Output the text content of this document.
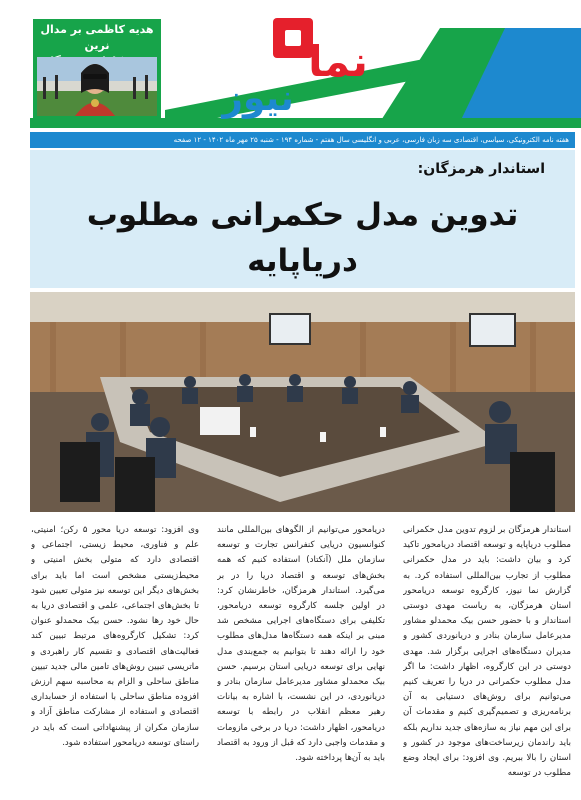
هدیه کاظمی بر مدال نرین	نما
نیوز
هفته نامه الکترونیکی، سیاسی، اقتصادی سه زبان فارسی، عربی و انگلیسی سال هفتم - شماره ۱۹۴ - شنبه ۲۵ مهر ماه ۱۴۰۲ - ۱۲ صفحه
استاندار هرمزگان:
تدوین مدل حکمرانی مطلوب دریاپایه

استاندار هرمزگان بر لزوم تدوین مدل حکمرانی مطلوب دریاپایه و توسعه اقتصاد دریامحور تاکید کرد و بیان داشت: باید در مدل حکمرانی مطلوب از تجارب بین‌المللی استفاده کرد. به گزارش نما نیوز، کارگروه توسعه دریامحور استان هرمزگان، به ریاست مهدی دوستی استاندار و با حضور حسن بیک محمدلو مشاور مدیرعامل سازمان بنادر و دریانوردی کشور و مدیران دستگاه‌های اجرایی برگزار شد. مهدی دوستی در این کارگروه، اظهار داشت: ما اگر مدل مطلوب حکمرانی در دریا را تعریف کنیم می‌توانیم برای روش‌های دستیابی به آن برنامه‌ریزی و تصمیم‌گیری کنیم و مقدمات آن برای این مهم نیاز به سازه‌های جدید نداریم بلکه باید راندمان زیرساخت‌های موجود در کشور و استان را بالا ببریم. وی افزود: برای ایجاد وضع مطلوب در توسعه

دریامحور می‌توانیم از الگوهای بین‌المللی مانند کنوانسیون دریایی کنفرانس تجارت و توسعه سازمان ملل (آنکتاد) استفاده کنیم که همه بخش‌های توسعه و اقتصاد دریا را در بر می‌گیرد. استاندار هرمزگان، خاطرنشان کرد: در اولین جلسه کارگروه توسعه دریامحور، تکلیفی برای دستگاه‌های اجرایی مشخص شد مبنی بر اینکه همه دستگاه‌ها مدل‌های مطلوب خود را ارائه دهند تا بتوانیم به جمع‌بندی مدل نهایی برای توسعه دریایی استان برسیم. حسن بیک محمدلو مشاور مدیرعامل سازمان بنادر و دریانوردی، در این نشست، با اشاره به بیانات رهبر معظم انقلاب در رابطه با توسعه دریامحور، اظهار داشت: دریا در برخی مازومات و مقدمات واجبی دارد که قبل از ورود به اقتصاد باید به آن‌ها پرداخته شود.

وی افزود: توسعه دریا محور ۵ رکن؛ امنیتی، علم و فناوری، محیط زیستی، اجتماعی و اقتصادی دارد که متولی بخش امنیتی و محیط‌زیستی مشخص است اما باید برای بخش‌های دیگر این توسعه نیز متولی تعیین شود تا بخش‌های اجتماعی، علمی و اقتصادی دریا به حال خود رها نشود. حسن بیک محمدلو عنوان کرد: تشکیل کارگروه‌های مرتبط تبیین کند فعالیت‌های اقتصادی و تقسیم کار راهبردی و ماتریسی تبیین روش‌های تامین مالی جدید تبیین مناطق ساحلی و الزام به محاسبه سهم ارزش افزوده مناطق ساحلی با استفاده از حسابداری اقتصادی و استفاده از مشارکت مناطق آزاد و سازمان مکران از پیشنهاداتی است که باید در راستای توسعه دریامحور استفاده شود.
